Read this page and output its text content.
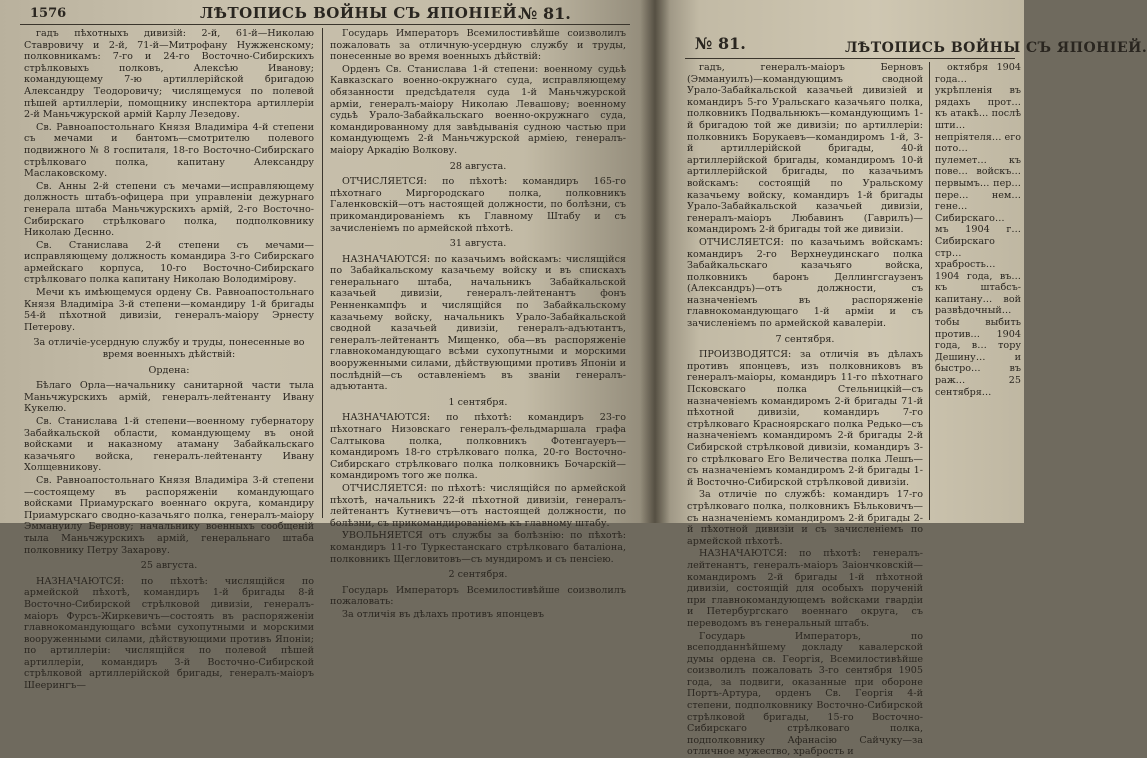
1576	ЛѢТОПИСЬ ВОЙНЫ СЪ ЯПОНІЕЙ.
№ 81.

гадъ пѣхотныхъ дивизій: 2-й, 61-й—Николаю Ставровичу и 2-й, 71-й—Митрофану Нужженскому; полковникамъ: 7-го и 24-го Восточно-Сибирскихъ стрѣлковыхъ полковъ, Алексѣю Иванову; командующему 7-ю артиллерійской бригадою Александру Теодоровичу; числящемуся по полевой пѣшей артиллеріи, помощнику инспектора артиллеріи 2-й Маньчжурской армій Карлу Лезедову.

Св. Равноапостольнаго Князя Владиміра 4-й степени съ мечами и бантомъ—смотрителю полевого подвижного № 8 госпиталя, 18-го Восточно-Сибирскаго стрѣлковаго полка, капитану Александру Маслаковскому.

Св. Анны 2-й степени съ мечами—исправляющему должность штабъ-офицера при управленіи дежурнаго генерала штаба Маньчжурскихъ армій, 2-го Восточно-Сибирскаго стрѣлковаго полка, подполковнику Николаю Деснно.

Св. Станислава 2-й степени съ мечами—исправляющему должность командира 3-го Сибирскаго армейскаго корпуса, 10-го Восточно-Сибирскаго стрѣлковаго полка капитану Николаю Володимірову.

Мечи къ имѣющемуся ордену Св. Равноапостольнаго Князя Владиміра 3-й степени—командиру 1-й бригады 54-й пѣхотной дивизіи, генералъ-маіору Эрнесту Петерову.

За отличіе-усердную службу и труды, понесенные во время военныхъ дѣйствій:

Ордена:

Бѣлаго Орла—начальнику санитарной части тыла Маньчжурскихъ армій, генералъ-лейтенанту Ивану Кукелю.

Св. Станислава 1-й степени—военному губернатору Забайкальской области, командующему въ оной войсками и наказному атаману Забайкальскаго казачьяго войска, генералъ-лейтенанту Ивану Холщевникову.

Св. Равноапостольнаго Князя Владиміра 3-й степени—состоящему въ распоряженіи командующаго войсками Приамурскаго военнаго округа, командиру Приамурскаго сводно-казачьяго полка, генералъ-маіору Эммануилу Бернову; начальнику военныхъ сообщеній тыла Маньчжурскихъ армій, генеральнаго штаба полковнику Петру Захарову.

25 августа.

НАЗНАЧАЮТСЯ: по пѣхотѣ: числящійся по армейской пѣхотѣ, командиръ 1-й бригады 8-й Восточно-Сибирской стрѣлковой дивизіи, генералъ-маіоръ Фурсъ-Жиркевичъ—состоять въ распоряженіи главнокомандующаго всѣми сухопутными и морскими вооруженными силами, дѣйствующими противъ Японіи; по артиллеріи: числящійся по полевой пѣшей артиллеріи, командиръ 3-й Восточно-Сибирской стрѣлковой артиллерійской бригады, генералъ-маіоръ Шеерингъ—

Государь Императоръ Всемилостивѣйше соизволилъ пожаловать за отличную-усердную службу и труды, понесенные во время военныхъ дѣйствій:

Орденъ Св. Станислава 1-й степени: военному судьѣ Кавказскаго военно-окружнаго суда, исправляющему обязанности предсѣдателя суда 1-й Маньчжурской арміи, генералъ-маіору Николаю Левашову; военному судьѣ Урало-Забайкальскаго военно-окружнаго суда, командированному для завѣдыванія судною частью при командующемъ 2-й Маньчжурской арміею, генералъ-маіору Аркадію Волкову.

28 августа.

ОТЧИСЛЯЕТСЯ: по пѣхотѣ: командиръ 165-го пѣхотнаго Миргородскаго полка, полковникъ Галенковскій—отъ настоящей должности, по болѣзни, съ прикомандированіемъ къ Главному Штабу и съ зачисленіемъ по армейской пѣхотѣ.

31 августа.

НАЗНАЧАЮТСЯ: по казачьимъ войскамъ: числящійся по Забайкальскому казачьему войску и въ спискахъ генеральнаго штаба, начальникъ Забайкальской казачьей дивизіи, генералъ-лейтенантъ фонъ Ренненкампфъ и числящійся по Забайкальскому казачьему войску, начальникъ Урало-Забайкальской сводной казачьей дивизіи, генералъ-адъютантъ, генералъ-лейтенантъ Мищенко, оба—въ распоряженіе главнокомандующаго всѣми сухопутными и морскими вооруженными силами, дѣйствующими противъ Японіи и послѣдній—съ оставленіемъ въ званіи генералъ-адъютанта.

1 сентября.

НАЗНАЧАЮТСЯ: по пѣхотѣ: командиръ 23-го пѣхотнаго Низовскаго генералъ-фельдмаршала графа Салтыкова полка, полковникъ Фотенгауеръ—командиромъ 18-го стрѣлковаго полка, 20-го Восточно-Сибирскаго стрѣлковаго полка полковникъ Бочарскій—командиромъ того же полка.

ОТЧИСЛЯЕТСЯ: по пѣхотѣ: числящійся по армейской пѣхотѣ, начальникъ 22-й пѣхотной дивизіи, генералъ-лейтенантъ Кутневичъ—отъ настоящей должности, по болѣзни, съ прикомандированіемъ къ главному штабу.

УВОЛЬНЯЕТСЯ отъ службы за болѣзнію: по пѣхотѣ: командиръ 11-го Туркестанскаго стрѣлковаго баталіона, полковникъ Щегловитовъ—съ мундиромъ и съ пенсіею.

2 сентября.

Государь Императоръ Всемилостивѣйше соизволилъ пожаловать:

За отличія въ дѣлахъ противъ японцевъ

№ 81.	ЛѢТОПИСЬ ВОЙНЫ СЪ ЯПОНІЕЙ.

гадъ, генералъ-маіоръ Берновъ (Эммануилъ)—командующимъ сводной Урало-Забайкальской казачьей дивизіей и командиръ 5-го Уральскаго казачьяго полка, полковникъ Подвальнюкъ—командующимъ 1-й бригадою той же дивизіи; по артиллеріи: полковникъ Борукаевъ—командиромъ 1-й, 3-й артиллерійской бригады, 40-й артиллерійской бригады, командиромъ 10-й артиллерійской бригады, по казачьимъ войскамъ: состоящій по Уральскому казачьему войску, командиръ 1-й бригады Урало-Забайкальской казачьей дивизіи, генералъ-маіоръ Любавинъ (Гаврилъ)—командиромъ 2-й бригады той же дивизіи.

ОТЧИСЛЯЕТСЯ: по казачьимъ войскамъ: командиръ 2-го Верхнеудинскаго полка Забайкальскаго казачьяго войска, полковникъ баронъ Деллингсгаузенъ (Александръ)—отъ должности, съ назначеніемъ въ распоряженіе главнокомандующаго 1-й арміи и съ зачисленіемъ по армейской кавалеріи.

7 сентября.

ПРОИЗВОДЯТСЯ: за отличія въ дѣлахъ противъ японцевъ, изъ полковниковъ въ генералъ-маіоры, командиръ 11-го пѣхотнаго Псковскаго полка Стельницкій—съ назначеніемъ командиромъ 2-й бригады 71-й пѣхотной дивизіи, командиръ 7-го стрѣлковаго Красноярскаго полка Редько—съ назначеніемъ командиромъ 2-й бригады 2-й Сибирской стрѣлковой дивизіи, командиръ 3-го стрѣлковаго Его Величества полка Лешъ—съ назначеніемъ командиромъ 2-й бригады 1-й Восточно-Сибирской стрѣлковой дивизіи.

За отличіе по службѣ: командиръ 17-го стрѣлковаго полка, полковникъ Бѣльковичъ—съ назначеніемъ командиромъ 2-й бригады 2-й пѣхотной дивизіи и съ зачисленіемъ по армейской пѣхотѣ.

НАЗНАЧАЮТСЯ: по пѣхотѣ: генералъ-лейтенантъ, генералъ-маіоръ Заіончковскій—командиромъ 2-й бригады 1-й пѣхотной дивизіи, состоящій для особыхъ порученій при главнокомандующемъ войсками гвардіи и Петербургскаго военнаго округа, съ переводомъ въ генеральный штабъ.

Государь Императоръ, по всеподданнѣйшему докладу кавалерской думы ордена св. Георгія, Всемилостивѣйше соизволилъ пожаловать 3-го сентября 1905 года, за подвиги, оказанные при обороне Портъ-Артура, орденъ Св. Георгія 4-й степени, подполковнику Восточно-Сибирской стрѣлковой бригады, 15-го Восточно-Сибирскаго стрѣлковаго полка, подполковнику Афанасію Сайчуку—за отличное мужество, храбрость и

октября 1904 года… укрѣпленія въ рядахъ прот… къ атакѣ… послѣ шти… непріятеля… его пото… пулемет… къ пове… войскъ… первымъ… пер… пере… нем… гене… Сибирскаго… мъ 1904 г… Сибирскаго стр… храбрость… 1904 года, въ… къ штабсъ-капитану… вой развѣдочный… тобы выбить против… 1904 года, в… тору Дешину… и быстро… въ раж… 25 сентября…
